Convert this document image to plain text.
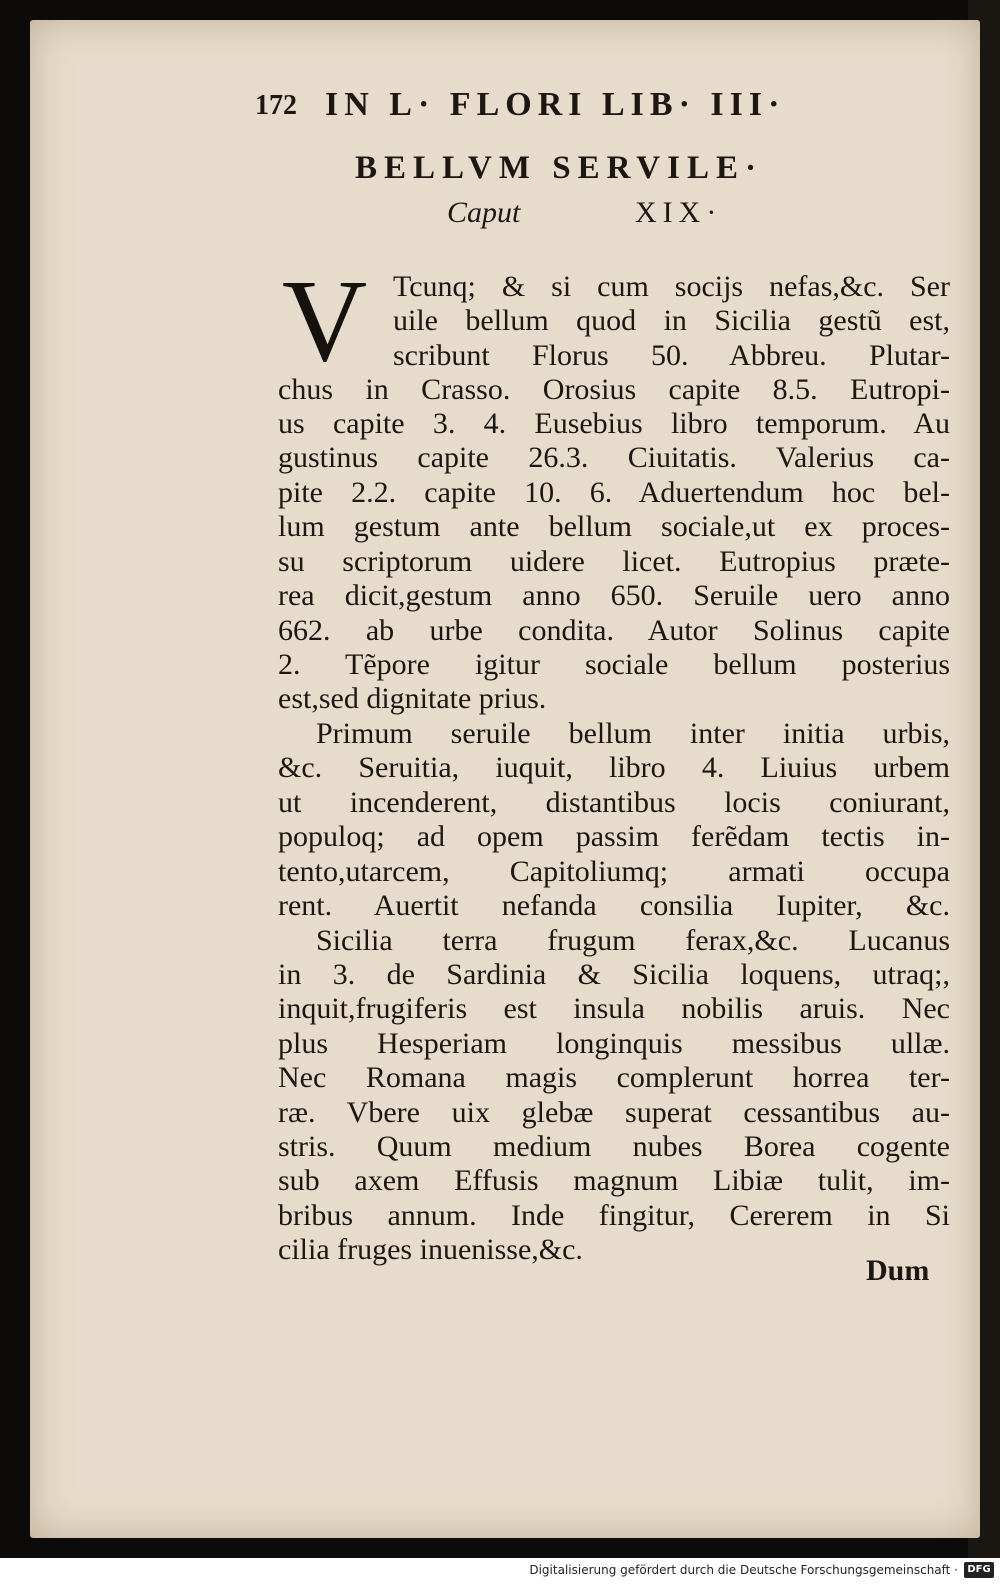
172 IN L· FLORI LIB· III·
BELLVM SERVILE·
Caput	XIX·
V Tcunq; & si cum socijs nefas,&c. Ser
uile bellum quod in Sicilia gestũ est,
scribunt Florus 50. Abbreu. Plutar-
chus in Crasso. Orosius capite 8.5. Eutropi-
us capite 3. 4. Eusebius libro temporum. Au
gustinus capite 26.3. Ciuitatis. Valerius ca-
pite 2.2. capite 10. 6. Aduertendum hoc bel-
lum gestum ante bellum sociale,ut ex proces-
su scriptorum uidere licet. Eutropius præte-
rea dicit,gestum anno 650. Seruile uero anno
662. ab urbe condita. Autor Solinus capite
2. Tẽpore igitur sociale bellum posterius
est,sed dignitate prius.
Primum seruile bellum inter initia urbis,
&c. Seruitia, iuquit, libro 4. Liuius urbem
ut incenderent, distantibus locis coniurant,
populoq; ad opem passim ferẽdam tectis in-
tento,utarcem, Capitoliumq; armati occupa
rent. Auertit nefanda consilia Iupiter, &c.
Sicilia terra frugum ferax,&c. Lucanus
in 3. de Sardinia & Sicilia loquens, utraq;,
inquit,frugiferis est insula nobilis aruis. Nec
plus Hesperiam longinquis messibus ullæ.
Nec Romana magis complerunt horrea ter-
ræ. Vbere uix glebæ superat cessantibus au-
stris. Quum medium nubes Borea cogente
sub axem Effusis magnum Libiæ tulit, im-
bribus annum. Inde fingitur, Cererem in Si
cilia fruges inuenisse,&c.
Dum
Digitalisierung gefördert durch die Deutsche Forschungsgemeinschaft · DFG
